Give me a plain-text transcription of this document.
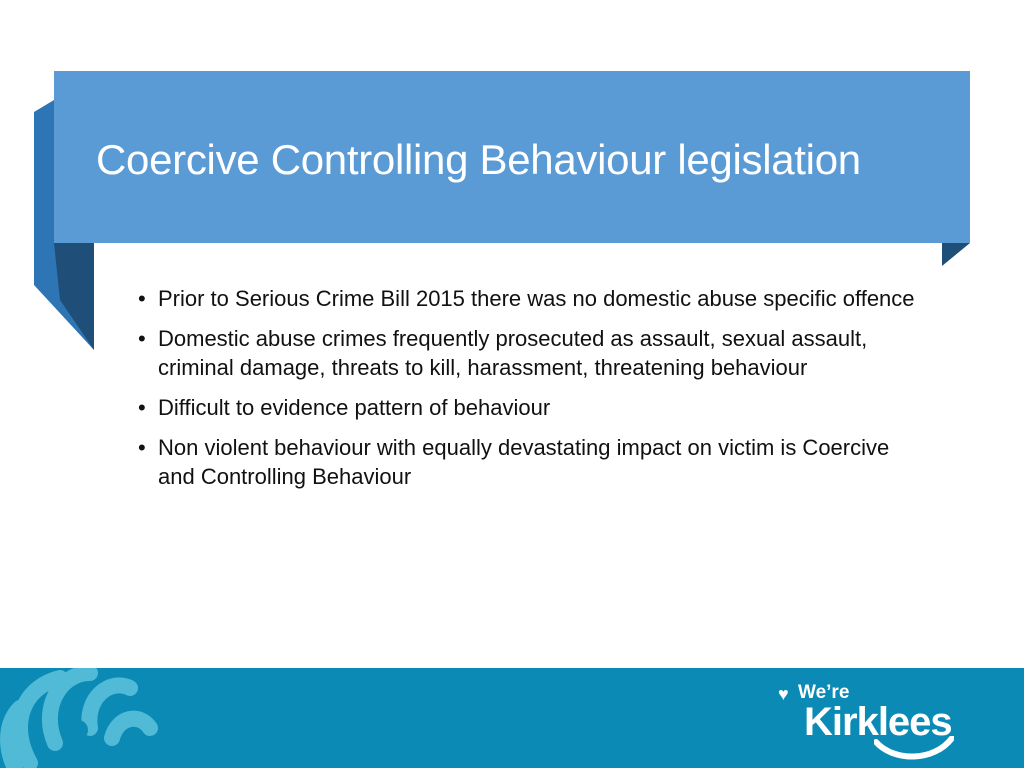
Coercive Controlling Behaviour legislation
• Prior to Serious Crime Bill 2015 there was no domestic abuse specific offence
• Domestic abuse crimes frequently prosecuted as assault, sexual assault, criminal damage, threats to kill, harassment, threatening behaviour
• Difficult to evidence pattern of behaviour
• Non violent behaviour with equally devastating impact on victim is Coercive and Controlling Behaviour
♥ We’re
Kirklees
